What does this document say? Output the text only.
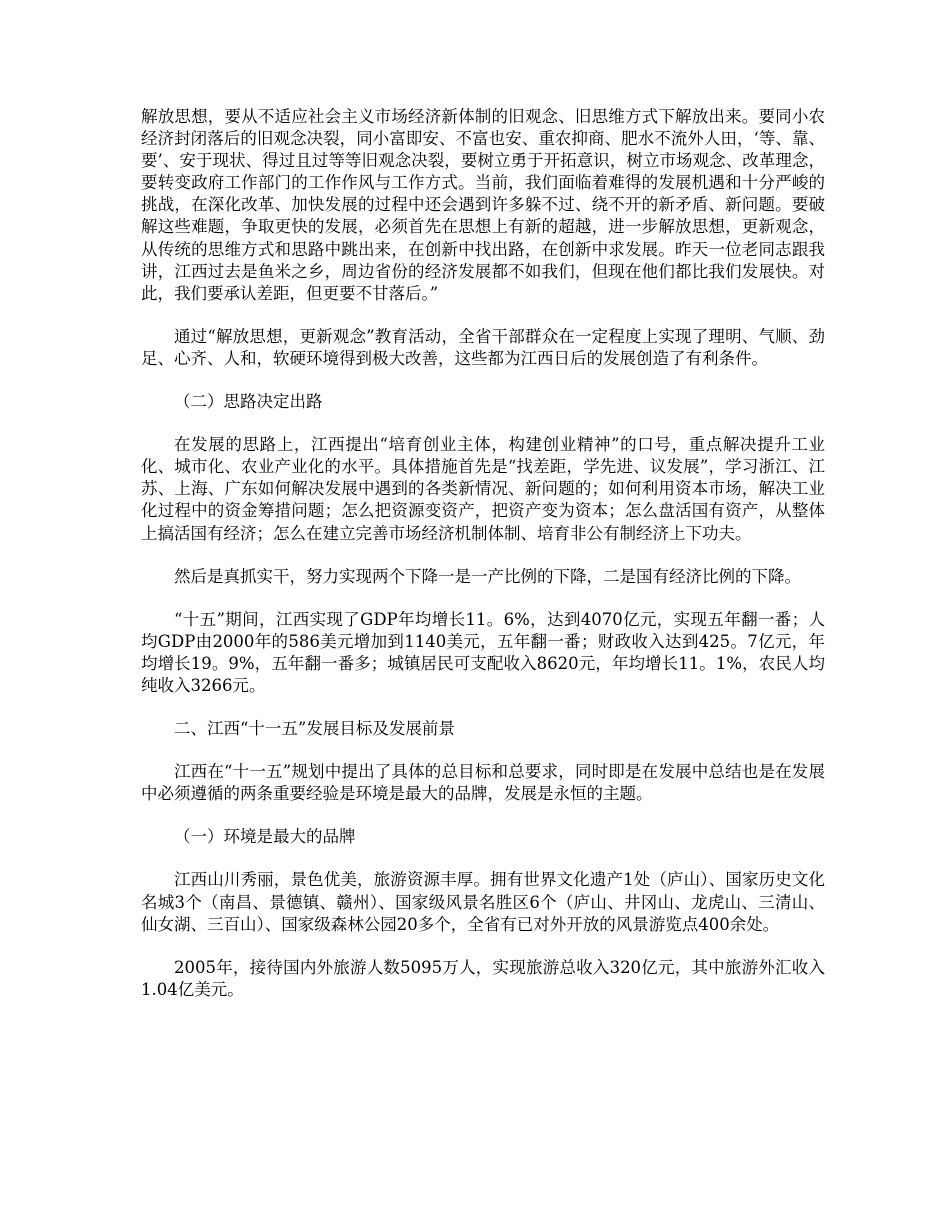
解放思想，要从不适应社会主义市场经济新体制的旧观念、旧思维方式下解放出来。要同小农经济封闭落后的旧观念决裂，同小富即安、不富也安、重农抑商、肥水不流外人田，‘等、靠、要’、安于现状、得过且过等等旧观念决裂，要树立勇于开拓意识，树立市场观念、改革理念，要转变政府工作部门的工作作风与工作方式。当前，我们面临着难得的发展机遇和十分严峻的挑战，在深化改革、加快发展的过程中还会遇到许多躲不过、绕不开的新矛盾、新问题。要破解这些难题，争取更快的发展，必须首先在思想上有新的超越，进一步解放思想，更新观念，从传统的思维方式和思路中跳出来，在创新中找出路，在创新中求发展。昨天一位老同志跟我讲，江西过去是鱼米之乡，周边省份的经济发展都不如我们，但现在他们都比我们发展快。对此，我们要承认差距，但更要不甘落后。”

通过“解放思想，更新观念”教育活动，全省干部群众在一定程度上实现了理明、气顺、劲足、心齐、人和，软硬环境得到极大改善，这些都为江西日后的发展创造了有利条件。

（二）思路决定出路

在发展的思路上，江西提出“培育创业主体，构建创业精神”的口号，重点解决提升工业化、城市化、农业产业化的水平。具体措施首先是“找差距，学先进、议发展”，学习浙江、江苏、上海、广东如何解决发展中遇到的各类新情况、新问题的；如何利用资本市场，解决工业化过程中的资金筹措问题；怎么把资源变资产，把资产变为资本；怎么盘活国有资产，从整体上搞活国有经济；怎么在建立完善市场经济机制体制、培育非公有制经济上下功夫。

然后是真抓实干，努力实现两个下降一是一产比例的下降，二是国有经济比例的下降。

“十五”期间，江西实现了GDP年均增长11。6%，达到4070亿元，实现五年翻一番；人均GDP由2000年的586美元增加到1140美元，五年翻一番；财政收入达到425。7亿元，年均增长19。9%，五年翻一番多；城镇居民可支配收入8620元，年均增长11。1%，农民人均纯收入3266元。

二、江西“十一五”发展目标及发展前景

江西在“十一五”规划中提出了具体的总目标和总要求，同时即是在发展中总结也是在发展中必须遵循的两条重要经验是环境是最大的品牌，发展是永恒的主题。

（一）环境是最大的品牌

江西山川秀丽，景色优美，旅游资源丰厚。拥有世界文化遗产1处（庐山）、国家历史文化名城3个（南昌、景德镇、赣州）、国家级风景名胜区6个（庐山、井冈山、龙虎山、三清山、仙女湖、三百山）、国家级森林公园20多个，全省有已对外开放的风景游览点400余处。

2005年，接待国内外旅游人数5095万人，实现旅游总收入320亿元，其中旅游外汇收入1.04亿美元。
